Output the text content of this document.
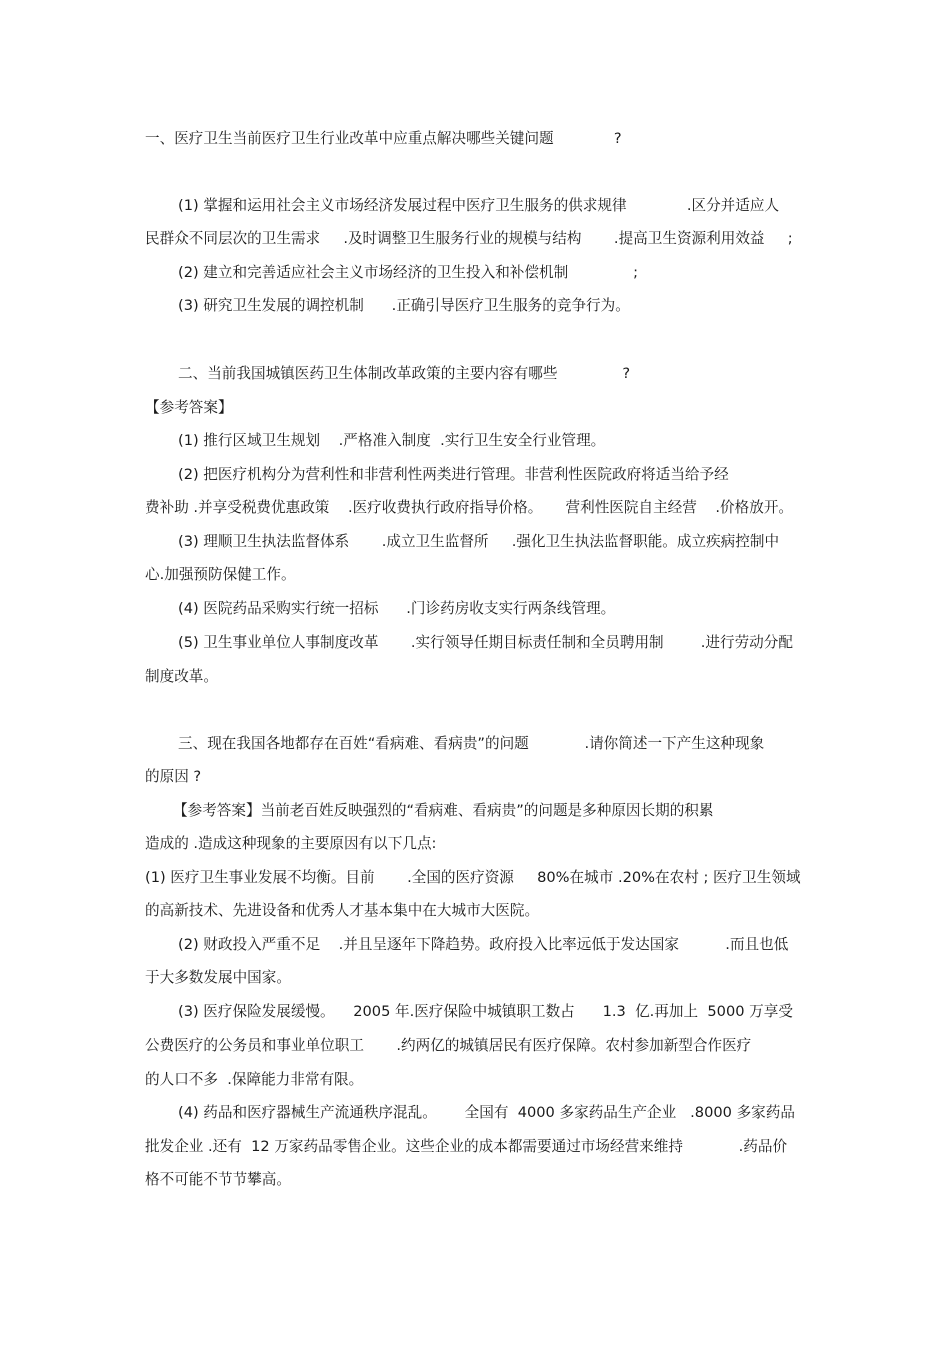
一、医疗卫生当前医疗卫生行业改革中应重点解决哪些关键问题             ?
(1) 掌握和运用社会主义市场经济发展过程中医疗卫生服务的供求规律             .区分并适应人
民群众不同层次的卫生需求     .及时调整卫生服务行业的规模与结构       .提高卫生资源利用效益     ;
(2) 建立和完善适应社会主义市场经济的卫生投入和补偿机制              ;
(3) 研究卫生发展的调控机制      .正确引导医疗卫生服务的竞争行为。
二、当前我国城镇医药卫生体制改革政策的主要内容有哪些              ?
【参考答案】
(1) 推行区域卫生规划    .严格准入制度  .实行卫生安全行业管理。
(2) 把医疗机构分为营利性和非营利性两类进行管理。非营利性医院政府将适当给予经
费补助 .并享受税费优惠政策    .医疗收费执行政府指导价格。     营利性医院自主经营    .价格放开。
(3) 理顺卫生执法监督体系       .成立卫生监督所     .强化卫生执法监督职能。成立疾病控制中
心.加强预防保健工作。
(4) 医院药品采购实行统一招标      .门诊药房收支实行两条线管理。
(5) 卫生事业单位人事制度改革       .实行领导任期目标责任制和全员聘用制        .进行劳动分配
制度改革。
三、现在我国各地都存在百姓“看病难、看病贵”的问题            .请你简述一下产生这种现象
的原因 ?
【参考答案】当前老百姓反映强烈的“看病难、看病贵”的问题是多种原因长期的积累
造成的 .造成这种现象的主要原因有以下几点:
(1) 医疗卫生事业发展不均衡。目前       .全国的医疗资源     80%在城市 .20%在农村 ; 医疗卫生领域
的高新技术、先进设备和优秀人才基本集中在大城市大医院。
(2) 财政投入严重不足    .并且呈逐年下降趋势。政府投入比率远低于发达国家          .而且也低
于大多数发展中国家。
(3) 医疗保险发展缓慢。    2005 年.医疗保险中城镇职工数占      1.3  亿.再加上  5000 万享受
公费医疗的公务员和事业单位职工       .约两亿的城镇居民有医疗保障。农村参加新型合作医疗
的人口不多  .保障能力非常有限。
(4) 药品和医疗器械生产流通秩序混乱。      全国有  4000 多家药品生产企业   .8000 多家药品
批发企业 .还有  12 万家药品零售企业。这些企业的成本都需要通过市场经营来维持            .药品价
格不可能不节节攀高。
